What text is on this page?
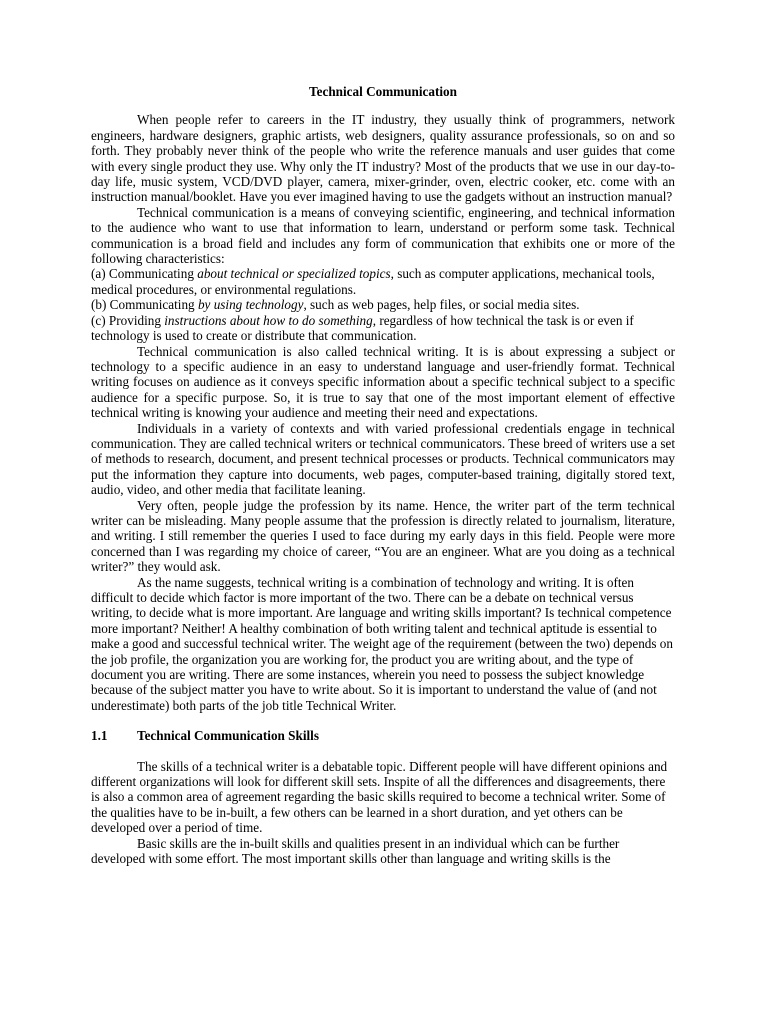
Technical Communication

When people refer to careers in the IT industry, they usually think of programmers, network engineers, hardware designers, graphic artists, web designers, quality assurance professionals, so on and so forth. They probably never think of the people who write the reference manuals and user guides that come with every single product they use. Why only the IT industry? Most of the products that we use in our day-to-day life, music system, VCD/DVD player, camera, mixer-grinder, oven, electric cooker, etc. come with an instruction manual/booklet. Have you ever imagined having to use the gadgets without an instruction manual?

Technical communication is a means of conveying scientific, engineering, and technical information to the audience who want to use that information to learn, understand or perform some task. Technical communication is a broad field and includes any form of communication that exhibits one or more of the following characteristics:

(a) Communicating about technical or specialized topics, such as computer applications, mechanical tools, medical procedures, or environmental regulations.

(b) Communicating by using technology, such as web pages, help files, or social media sites.

(c) Providing instructions about how to do something, regardless of how technical the task is or even if technology is used to create or distribute that communication.

Technical communication is also called technical writing. It is is about expressing a subject or technology to a specific audience in an easy to understand language and user-friendly format. Technical writing focuses on audience as it conveys specific information about a specific technical subject to a specific audience for a specific purpose. So, it is true to say that one of the most important element of effective technical writing is knowing your audience and meeting their need and expectations.

Individuals in a variety of contexts and with varied professional credentials engage in technical communication. They are called technical writers or technical communicators. These breed of writers use a set of methods to research, document, and present technical processes or products. Technical communicators may put the information they capture into documents, web pages, computer-based training, digitally stored text, audio, video, and other media that facilitate leaning.

Very often, people judge the profession by its name. Hence, the writer part of the term technical writer can be misleading. Many people assume that the profession is directly related to journalism, literature, and writing. I still remember the queries I used to face during my early days in this field. People were more concerned than I was regarding my choice of career, “You are an engineer. What are you doing as a technical writer?” they would ask.

As the name suggests, technical writing is a combination of technology and writing. It is often difficult to decide which factor is more important of the two. There can be a debate on technical versus writing, to decide what is more important. Are language and writing skills important? Is technical competence more important? Neither! A healthy combination of both writing talent and technical aptitude is essential to make a good and successful technical writer. The weight age of the requirement (between the two) depends on the job profile, the organization you are working for, the product you are writing about, and the type of document you are writing. There are some instances, wherein you need to possess the subject knowledge because of the subject matter you have to write about. So it is important to understand the value of (and not underestimate) both parts of the job title Technical Writer.

1.1	Technical Communication Skills

The skills of a technical writer is a debatable topic. Different people will have different opinions and different organizations will look for different skill sets. Inspite of all the differences and disagreements, there is also a common area of agreement regarding the basic skills required to become a technical writer. Some of the qualities have to be in-built, a few others can be learned in a short duration, and yet others can be developed over a period of time.

Basic skills are the in-built skills and qualities present in an individual which can be further developed with some effort. The most important skills other than language and writing skills is the
